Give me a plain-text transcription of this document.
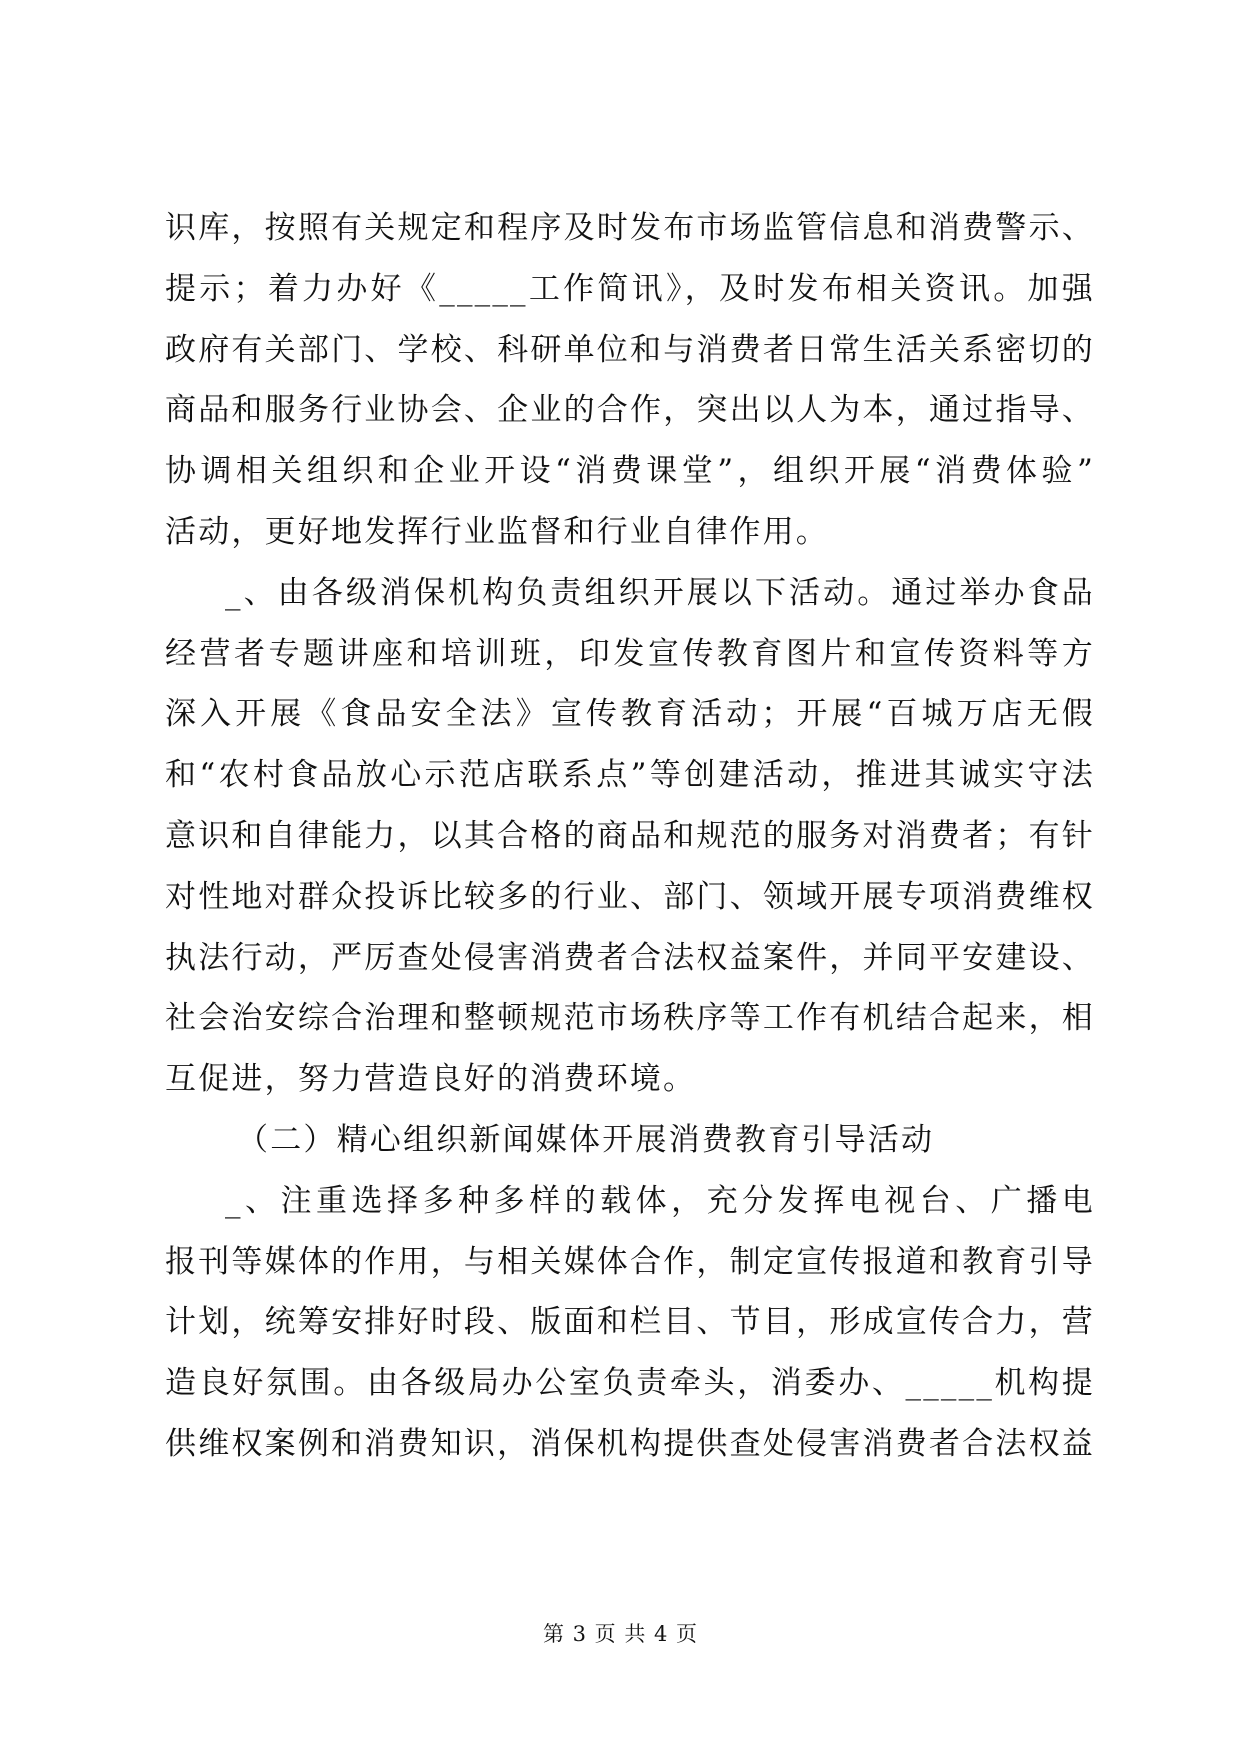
识库，按照有关规定和程序及时发布市场监管信息和消费警示、
提示；着力办好《_____工作简讯》，及时发布相关资讯。加强
政府有关部门、学校、科研单位和与消费者日常生活关系密切的
商品和服务行业协会、企业的合作，突出以人为本，通过指导、
协调相关组织和企业开设“消费课堂”，组织开展“消费体验”
活动，更好地发挥行业监督和行业自律作用。
_、由各级消保机构负责组织开展以下活动。通过举办食品
经营者专题讲座和培训班，印发宣传教育图片和宣传资料等方
深入开展《食品安全法》宣传教育活动；开展“百城万店无假
和“农村食品放心示范店联系点”等创建活动，推进其诚实守法
意识和自律能力，以其合格的商品和规范的服务对消费者；有针
对性地对群众投诉比较多的行业、部门、领域开展专项消费维权
执法行动，严厉查处侵害消费者合法权益案件，并同平安建设、
社会治安综合治理和整顿规范市场秩序等工作有机结合起来，相
互促进，努力营造良好的消费环境。
（二）精心组织新闻媒体开展消费教育引导活动
_、注重选择多种多样的载体，充分发挥电视台、广播电
报刊等媒体的作用，与相关媒体合作，制定宣传报道和教育引导
计划，统筹安排好时段、版面和栏目、节目，形成宣传合力，营
造良好氛围。由各级局办公室负责牵头，消委办、_____机构提
供维权案例和消费知识，消保机构提供查处侵害消费者合法权益
第 3 页 共 4 页
